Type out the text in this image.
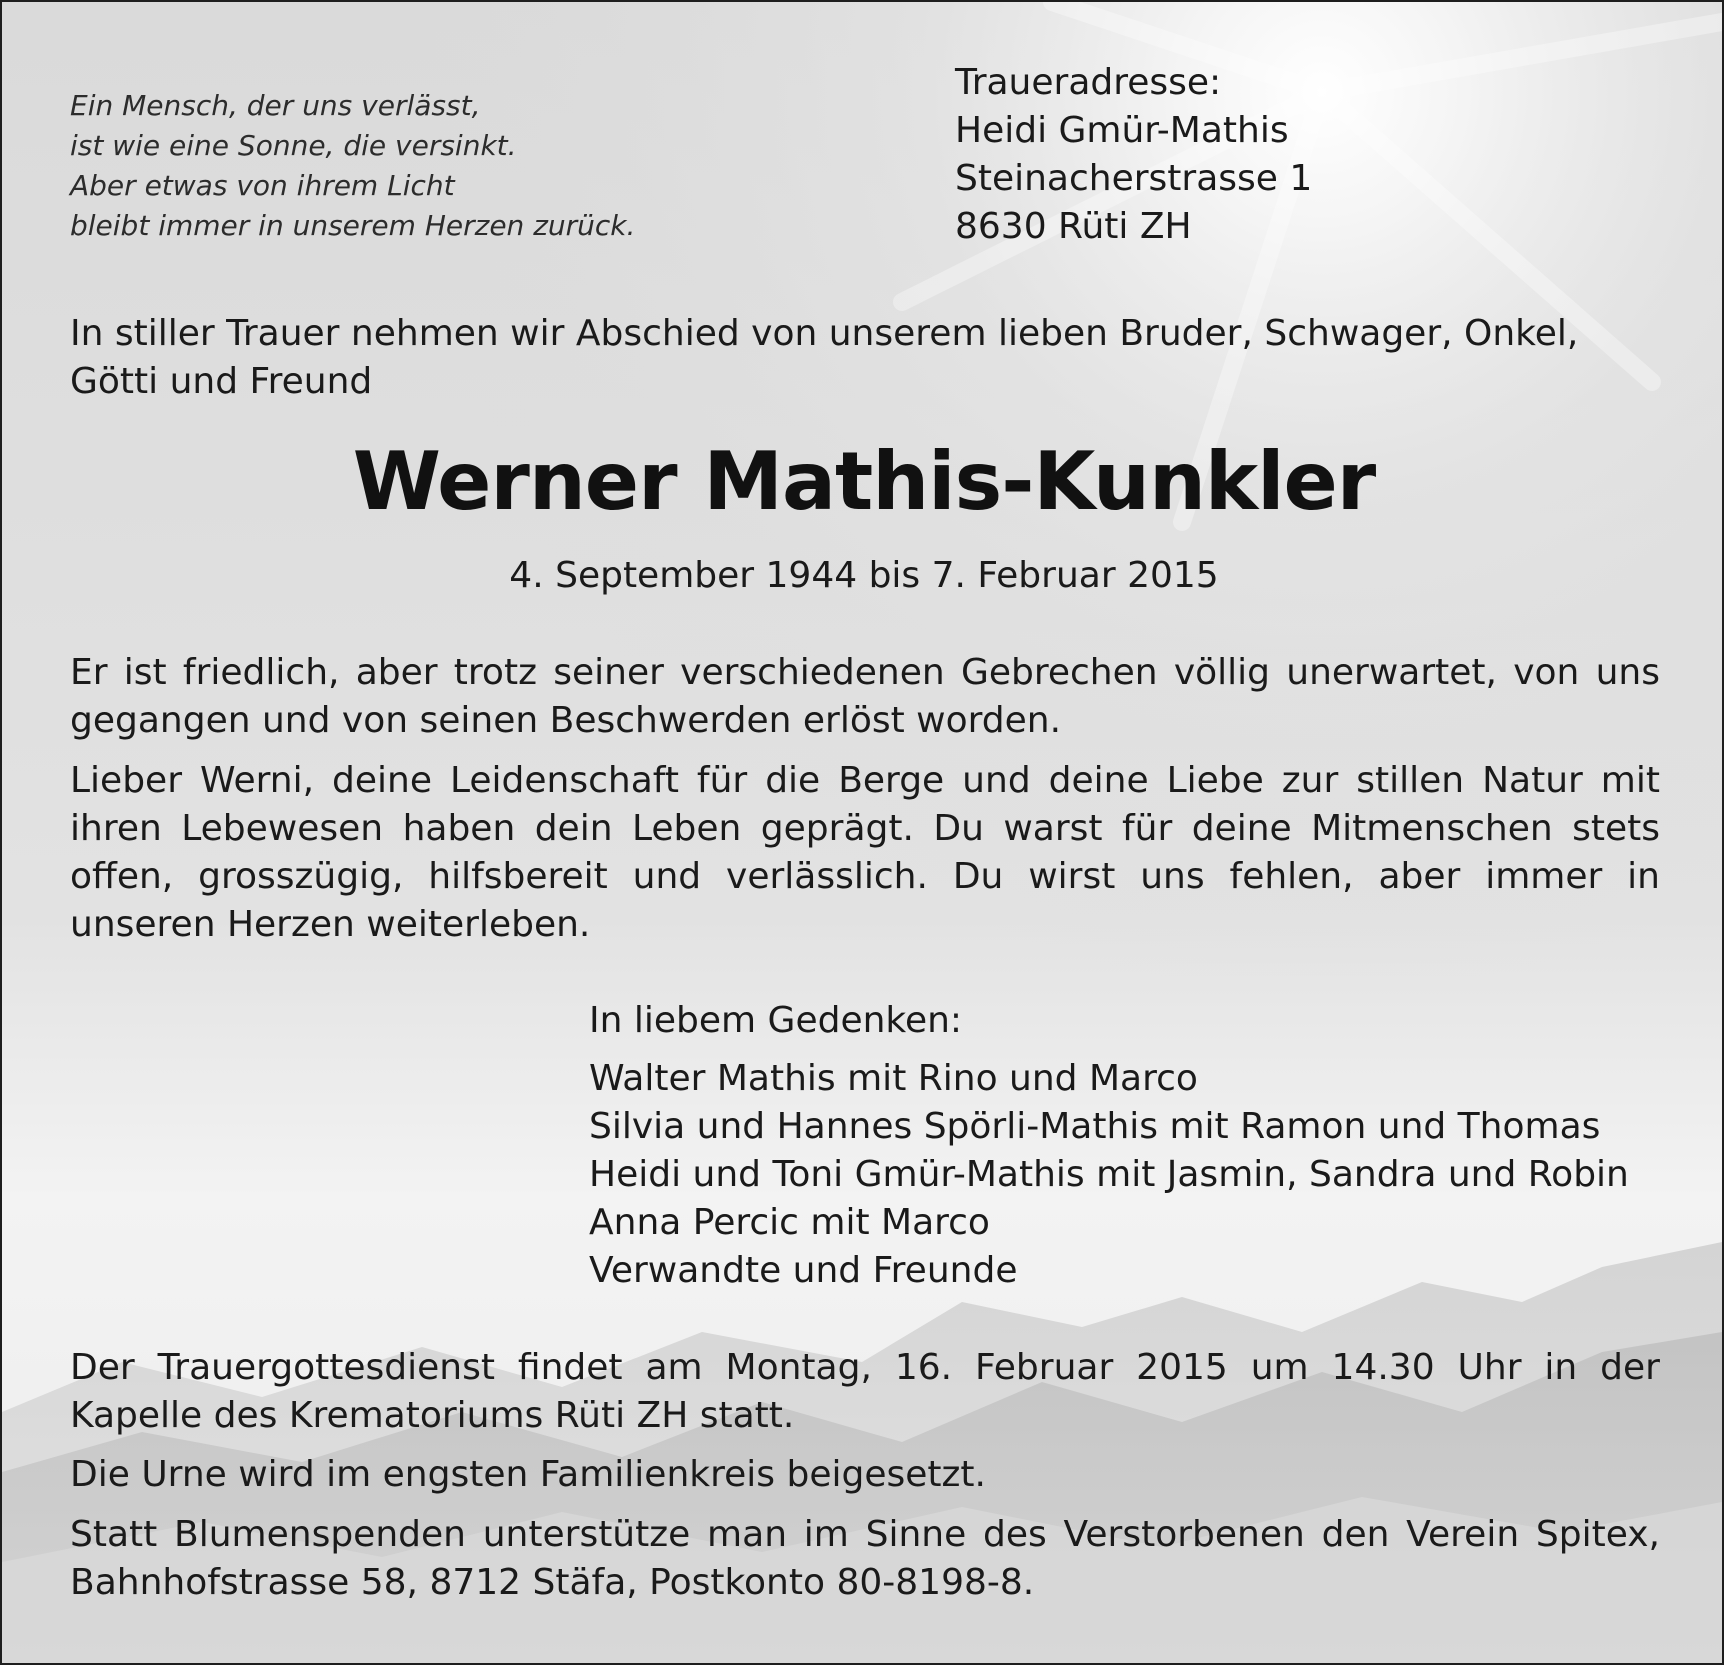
Ein Mensch, der uns verlässt,
ist wie eine Sonne, die versinkt.
Aber etwas von ihrem Licht
bleibt immer in unserem Herzen zurück.
Traueradresse:
Heidi Gmür-Mathis
Steinacherstrasse 1
8630 Rüti ZH

In stiller Trauer nehmen wir Abschied von unserem lieben Bruder, Schwager, Onkel, Götti und Freund

Werner Mathis-Kunkler

4. September 1944 bis 7. Februar 2015

Er ist friedlich, aber trotz seiner verschiedenen Gebrechen völlig unerwartet, von uns gegangen und von seinen Beschwerden erlöst worden.

Lieber Werni, deine Leidenschaft für die Berge und deine Liebe zur stillen Natur mit ihren Lebewesen haben dein Leben geprägt. Du warst für deine Mitmenschen stets offen, grosszügig, hilfsbereit und verlässlich. Du wirst uns fehlen, aber immer in unseren Herzen weiterleben.

In liebem Gedenken:
Walter Mathis mit Rino und Marco
Silvia und Hannes Spörli-Mathis mit Ramon und Thomas
Heidi und Toni Gmür-Mathis mit Jasmin, Sandra und Robin
Anna Percic mit Marco
Verwandte und Freunde

Der Trauergottesdienst findet am Montag, 16. Februar 2015 um 14.30 Uhr in der Kapelle des Krematoriums Rüti ZH statt.

Die Urne wird im engsten Familienkreis beigesetzt.

Statt Blumenspenden unterstütze man im Sinne des Verstorbenen den Verein Spitex, Bahnhofstrasse 58, 8712 Stäfa, Postkonto 80-8198-8.
